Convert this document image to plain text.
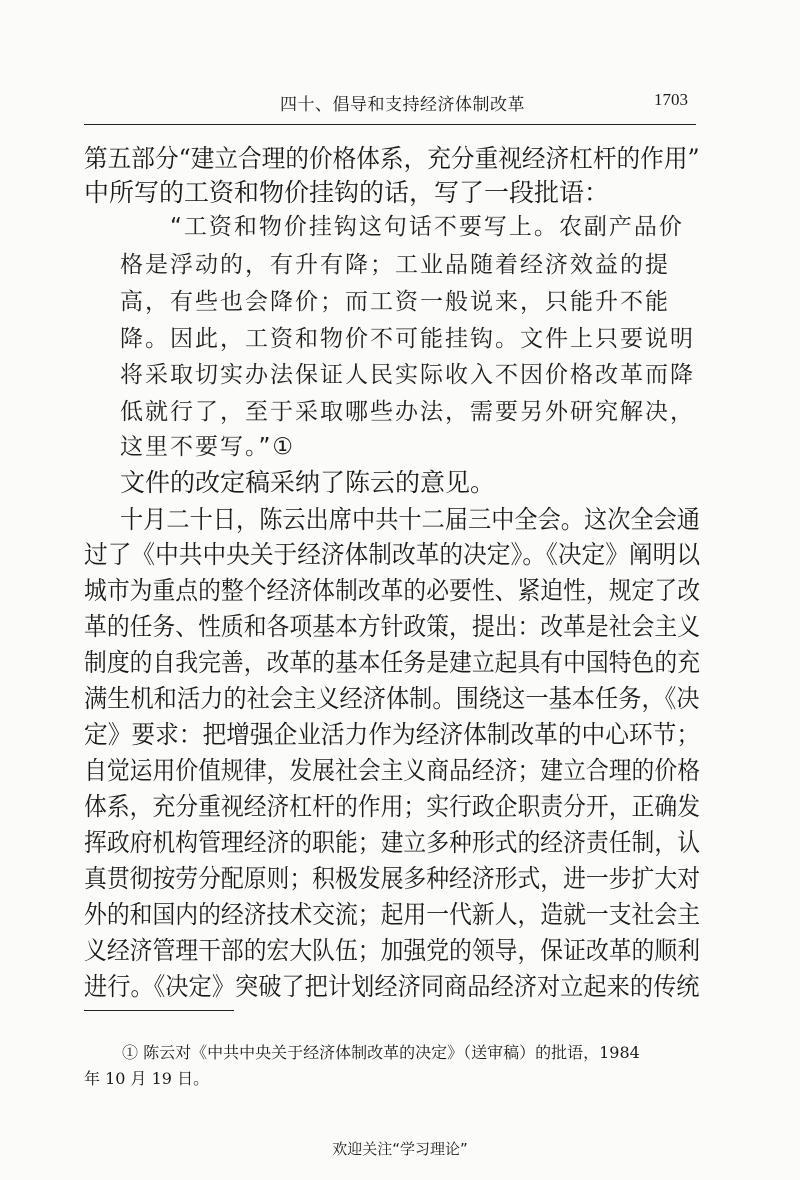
四十、倡导和支持经济体制改革	1703
第五部分“建立合理的价格体系，充分重视经济杠杆的作用”
中所写的工资和物价挂钩的话，写了一段批语：
“工资和物价挂钩这句话不要写上。农副产品价
格是浮动的，有升有降；工业品随着经济效益的提
高，有些也会降价；而工资一般说来，只能升不能
降。因此，工资和物价不可能挂钩。文件上只要说明
将采取切实办法保证人民实际收入不因价格改革而降
低就行了，至于采取哪些办法，需要另外研究解决，
这里不要写。”①
文件的改定稿采纳了陈云的意见。
十月二十日，陈云出席中共十二届三中全会。这次全会通
过了《中共中央关于经济体制改革的决定》。《决定》阐明以
城市为重点的整个经济体制改革的必要性、紧迫性，规定了改
革的任务、性质和各项基本方针政策，提出：改革是社会主义
制度的自我完善，改革的基本任务是建立起具有中国特色的充
满生机和活力的社会主义经济体制。围绕这一基本任务，《决
定》要求：把增强企业活力作为经济体制改革的中心环节；
自觉运用价值规律，发展社会主义商品经济；建立合理的价格
体系，充分重视经济杠杆的作用；实行政企职责分开，正确发
挥政府机构管理经济的职能；建立多种形式的经济责任制，认
真贯彻按劳分配原则；积极发展多种经济形式，进一步扩大对
外的和国内的经济技术交流；起用一代新人，造就一支社会主
义经济管理干部的宏大队伍；加强党的领导，保证改革的顺利
进行。《决定》突破了把计划经济同商品经济对立起来的传统
① 陈云对《中共中央关于经济体制改革的决定》（送审稿）的批语，1984
年 10 月 19 日。
欢迎关注“学习理论”
